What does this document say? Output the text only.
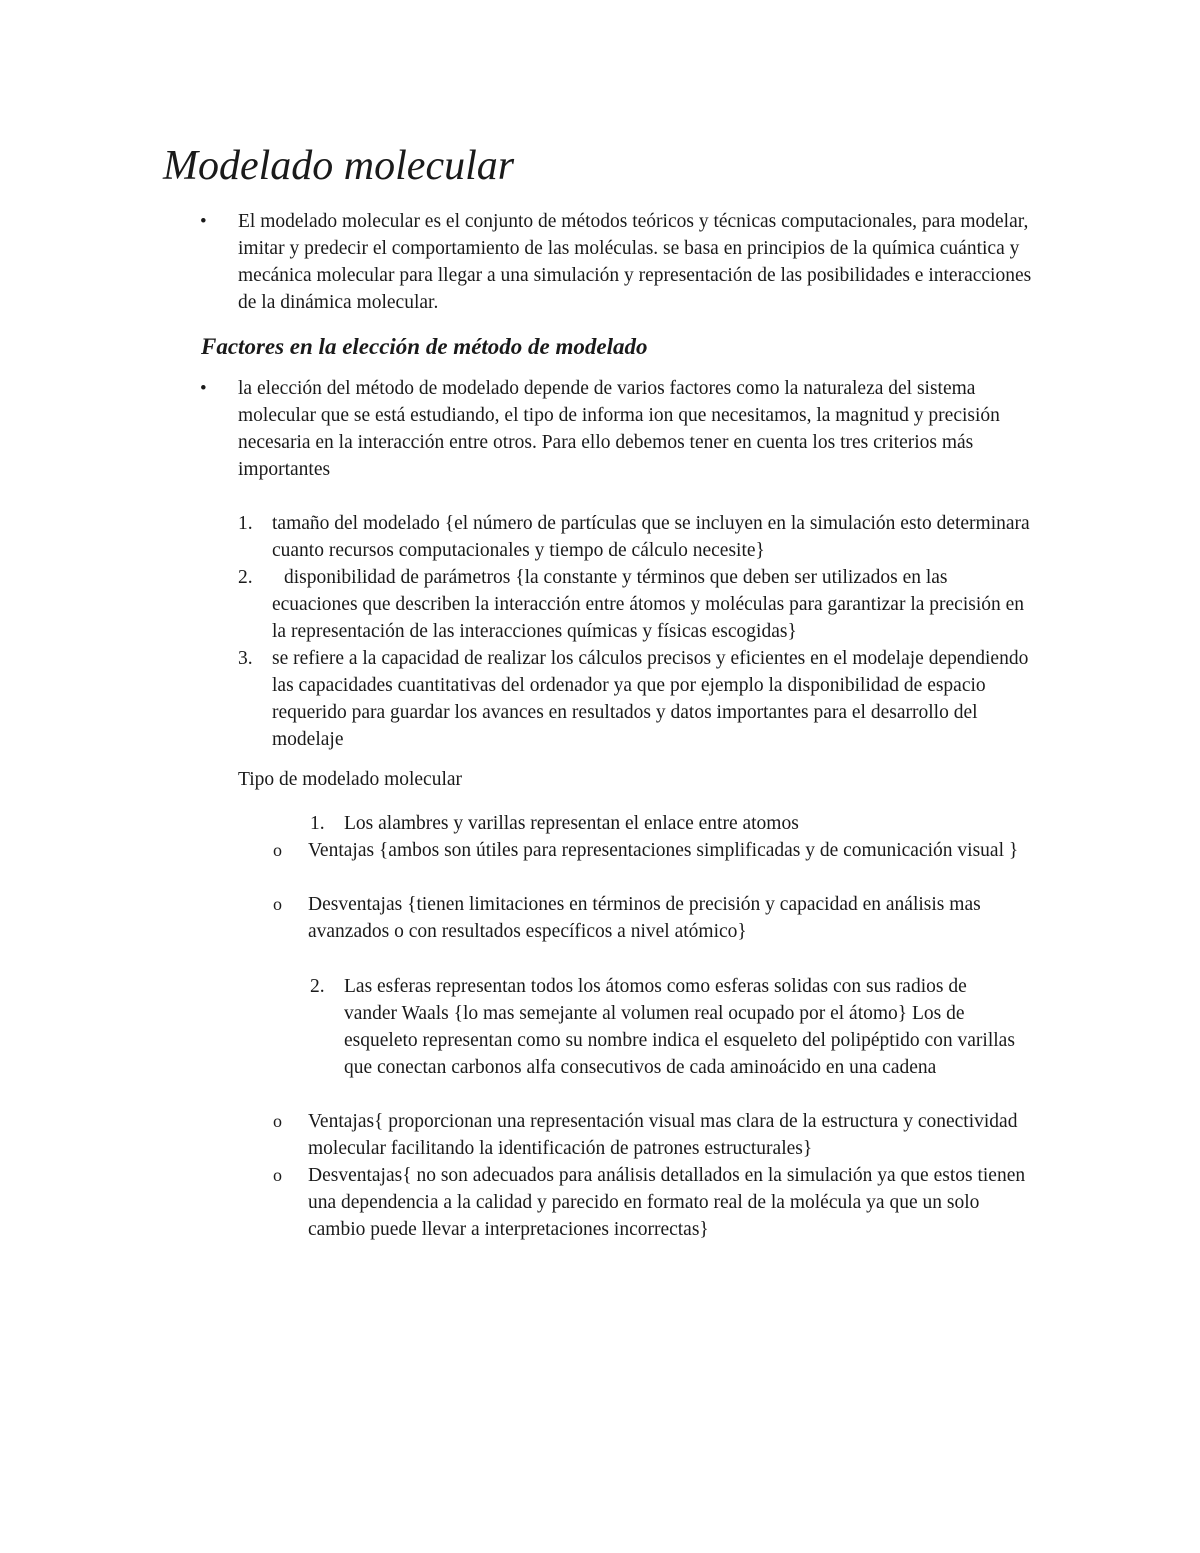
Modelado molecular
• El modelado molecular es el conjunto de métodos teóricos y técnicas computacionales, para modelar, imitar y predecir el comportamiento de las moléculas. se basa en principios de la química cuántica y mecánica molecular para llegar a una simulación y representación de las posibilidades e interacciones de la dinámica molecular.

Factores en la elección de método de modelado
• la elección del método de modelado depende de varios factores como la naturaleza del sistema molecular que se está estudiando, el tipo de informa ion que necesitamos, la magnitud y precisión necesaria en la interacción entre otros. Para ello debemos tener en cuenta los tres criterios más importantes

1. tamaño del modelado {el número de partículas que se incluyen en la simulación esto determinara cuanto recursos computacionales y tiempo de cálculo necesite}

2.	disponibilidad de parámetros {la constante y términos que deben ser utilizados en las ecuaciones que describen la interacción entre átomos y moléculas para garantizar la precisión en la representación de las interacciones químicas y físicas escogidas}

3. se refiere a la capacidad de realizar los cálculos precisos y eficientes en el modelaje dependiendo las capacidades cuantitativas del ordenador ya que por ejemplo la disponibilidad de espacio requerido para guardar los avances en resultados y datos importantes para el desarrollo del modelaje

Tipo de modelado molecular

1. Los alambres y varillas representan el enlace entre atomos

o Ventajas {ambos son útiles para representaciones simplificadas y de comunicación visual }

o Desventajas {tienen limitaciones en términos de precisión y capacidad en análisis mas avanzados o con resultados específicos a nivel atómico}

2. Las esferas representan todos los átomos como esferas solidas con sus radios de vander Waals {lo mas semejante al volumen real ocupado por el átomo} Los de esqueleto representan como su nombre indica el esqueleto del polipéptido con varillas que conectan carbonos alfa consecutivos de cada aminoácido en una cadena

o Ventajas{ proporcionan una representación visual mas clara de la estructura y conectividad molecular facilitando la identificación de patrones estructurales}

o Desventajas{ no son adecuados para análisis detallados en la simulación ya que estos tienen una dependencia a la calidad y parecido en formato real de la molécula ya que un solo cambio puede llevar a interpretaciones incorrectas}
